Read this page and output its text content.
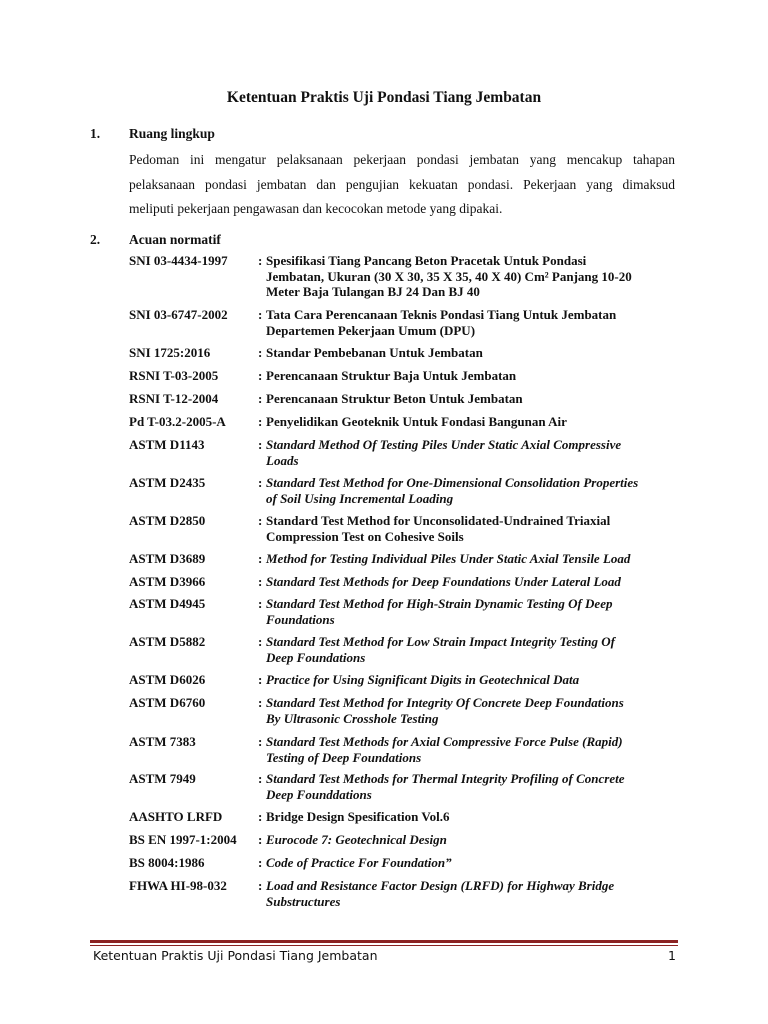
Ketentuan Praktis Uji Pondasi Tiang Jembatan
1. Ruang lingkup
Pedoman ini mengatur pelaksanaan pekerjaan pondasi jembatan yang mencakup tahapan
pelaksanaan pondasi jembatan dan pengujian kekuatan pondasi. Pekerjaan yang dimaksud
meliputi pekerjaan pengawasan dan kecocokan metode yang dipakai.
2. Acuan normatif
SNI 03-4434-1997	: Spesifikasi Tiang Pancang Beton Pracetak Untuk Pondasi
Jembatan, Ukuran (30 X 30, 35 X 35, 40 X 40) Cm² Panjang 10-20
Meter Baja Tulangan BJ 24 Dan BJ 40
SNI 03-6747-2002	: Tata Cara Perencanaan Teknis Pondasi Tiang Untuk Jembatan
Departemen Pekerjaan Umum (DPU)
SNI 1725:2016	: Standar Pembebanan Untuk Jembatan
RSNI T-03-2005	: Perencanaan Struktur Baja Untuk Jembatan
RSNI T-12-2004	: Perencanaan Struktur Beton Untuk Jembatan
Pd T-03.2-2005-A	: Penyelidikan Geoteknik Untuk Fondasi Bangunan Air
ASTM D1143	: Standard Method Of Testing Piles Under Static Axial Compressive
Loads
ASTM D2435	: Standard Test Method for One-Dimensional Consolidation Properties
of Soil Using Incremental Loading
ASTM D2850	: Standard Test Method for Unconsolidated-Undrained Triaxial
Compression Test on Cohesive Soils
ASTM D3689	: Method for Testing Individual Piles Under Static Axial Tensile Load
ASTM D3966	: Standard Test Methods for Deep Foundations Under Lateral Load
ASTM D4945	: Standard Test Method for High-Strain Dynamic Testing Of Deep
Foundations
ASTM D5882	: Standard Test Method for Low Strain Impact Integrity Testing Of
Deep Foundations
ASTM D6026	: Practice for Using Significant Digits in Geotechnical Data
ASTM D6760	: Standard Test Method for Integrity Of Concrete Deep Foundations
By Ultrasonic Crosshole Testing
ASTM 7383	: Standard Test Methods for Axial Compressive Force Pulse (Rapid)
Testing of Deep Foundations
ASTM 7949	: Standard Test Methods for Thermal Integrity Profiling of Concrete
Deep Founddations
AASHTO LRFD	: Bridge Design Spesification Vol.6
BS EN 1997-1:2004	: Eurocode 7: Geotechnical Design
BS 8004:1986	: Code of Practice For Foundation”
FHWA HI-98-032	: Load and Resistance Factor Design (LRFD) for Highway Bridge
Substructures
Ketentuan Praktis Uji Pondasi Tiang Jembatan	1
